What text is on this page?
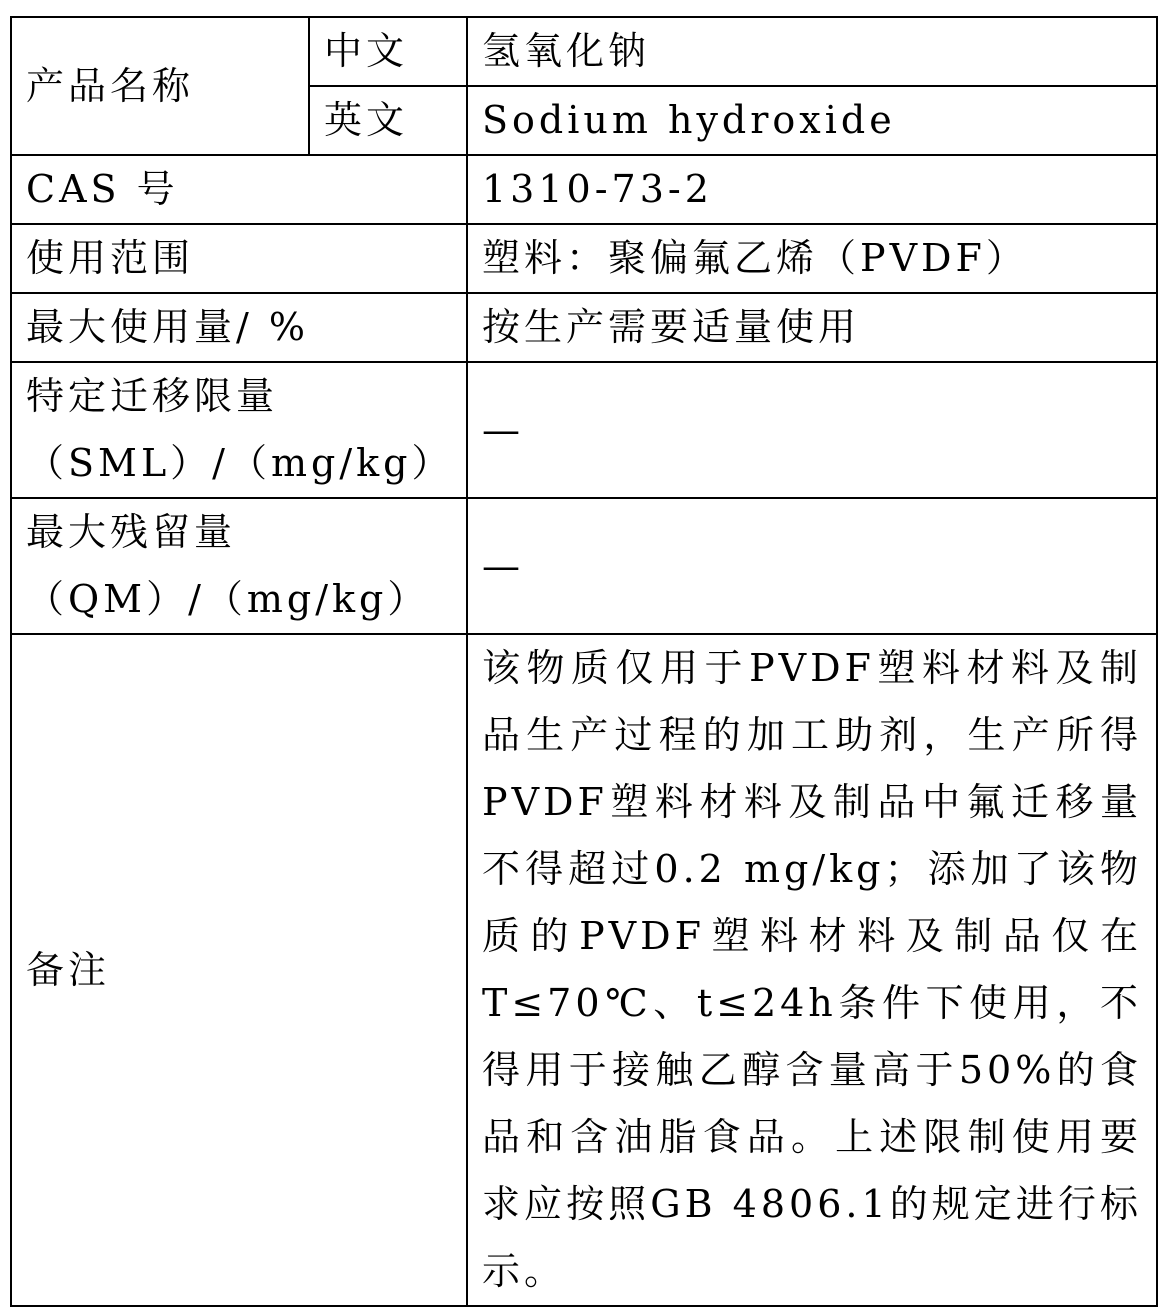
产品名称	中文	氢氧化钠
	英文	Sodium hydroxide
CAS 号		1310-73-2
使用范围		塑料：聚偏氟乙烯（PVDF）
最大使用量/ %		按生产需要适量使用

特定迁移限量
（SML）/（mg/kg）		—

最大残留量
（QM）/（mg/kg）		—
备注		该物质仅用于PVDF塑料材料及制品生产过程的加工助剂，生产所得PVDF塑料材料及制品中氟迁移量不得超过0.2 mg/kg；添加了该物质的PVDF塑料材料及制品仅在T≤70℃、t≤24h条件下使用，不得用于接触乙醇含量高于50%的食品和含油脂食品。上述限制使用要求应按照GB 4806.1的规定进行标示。
